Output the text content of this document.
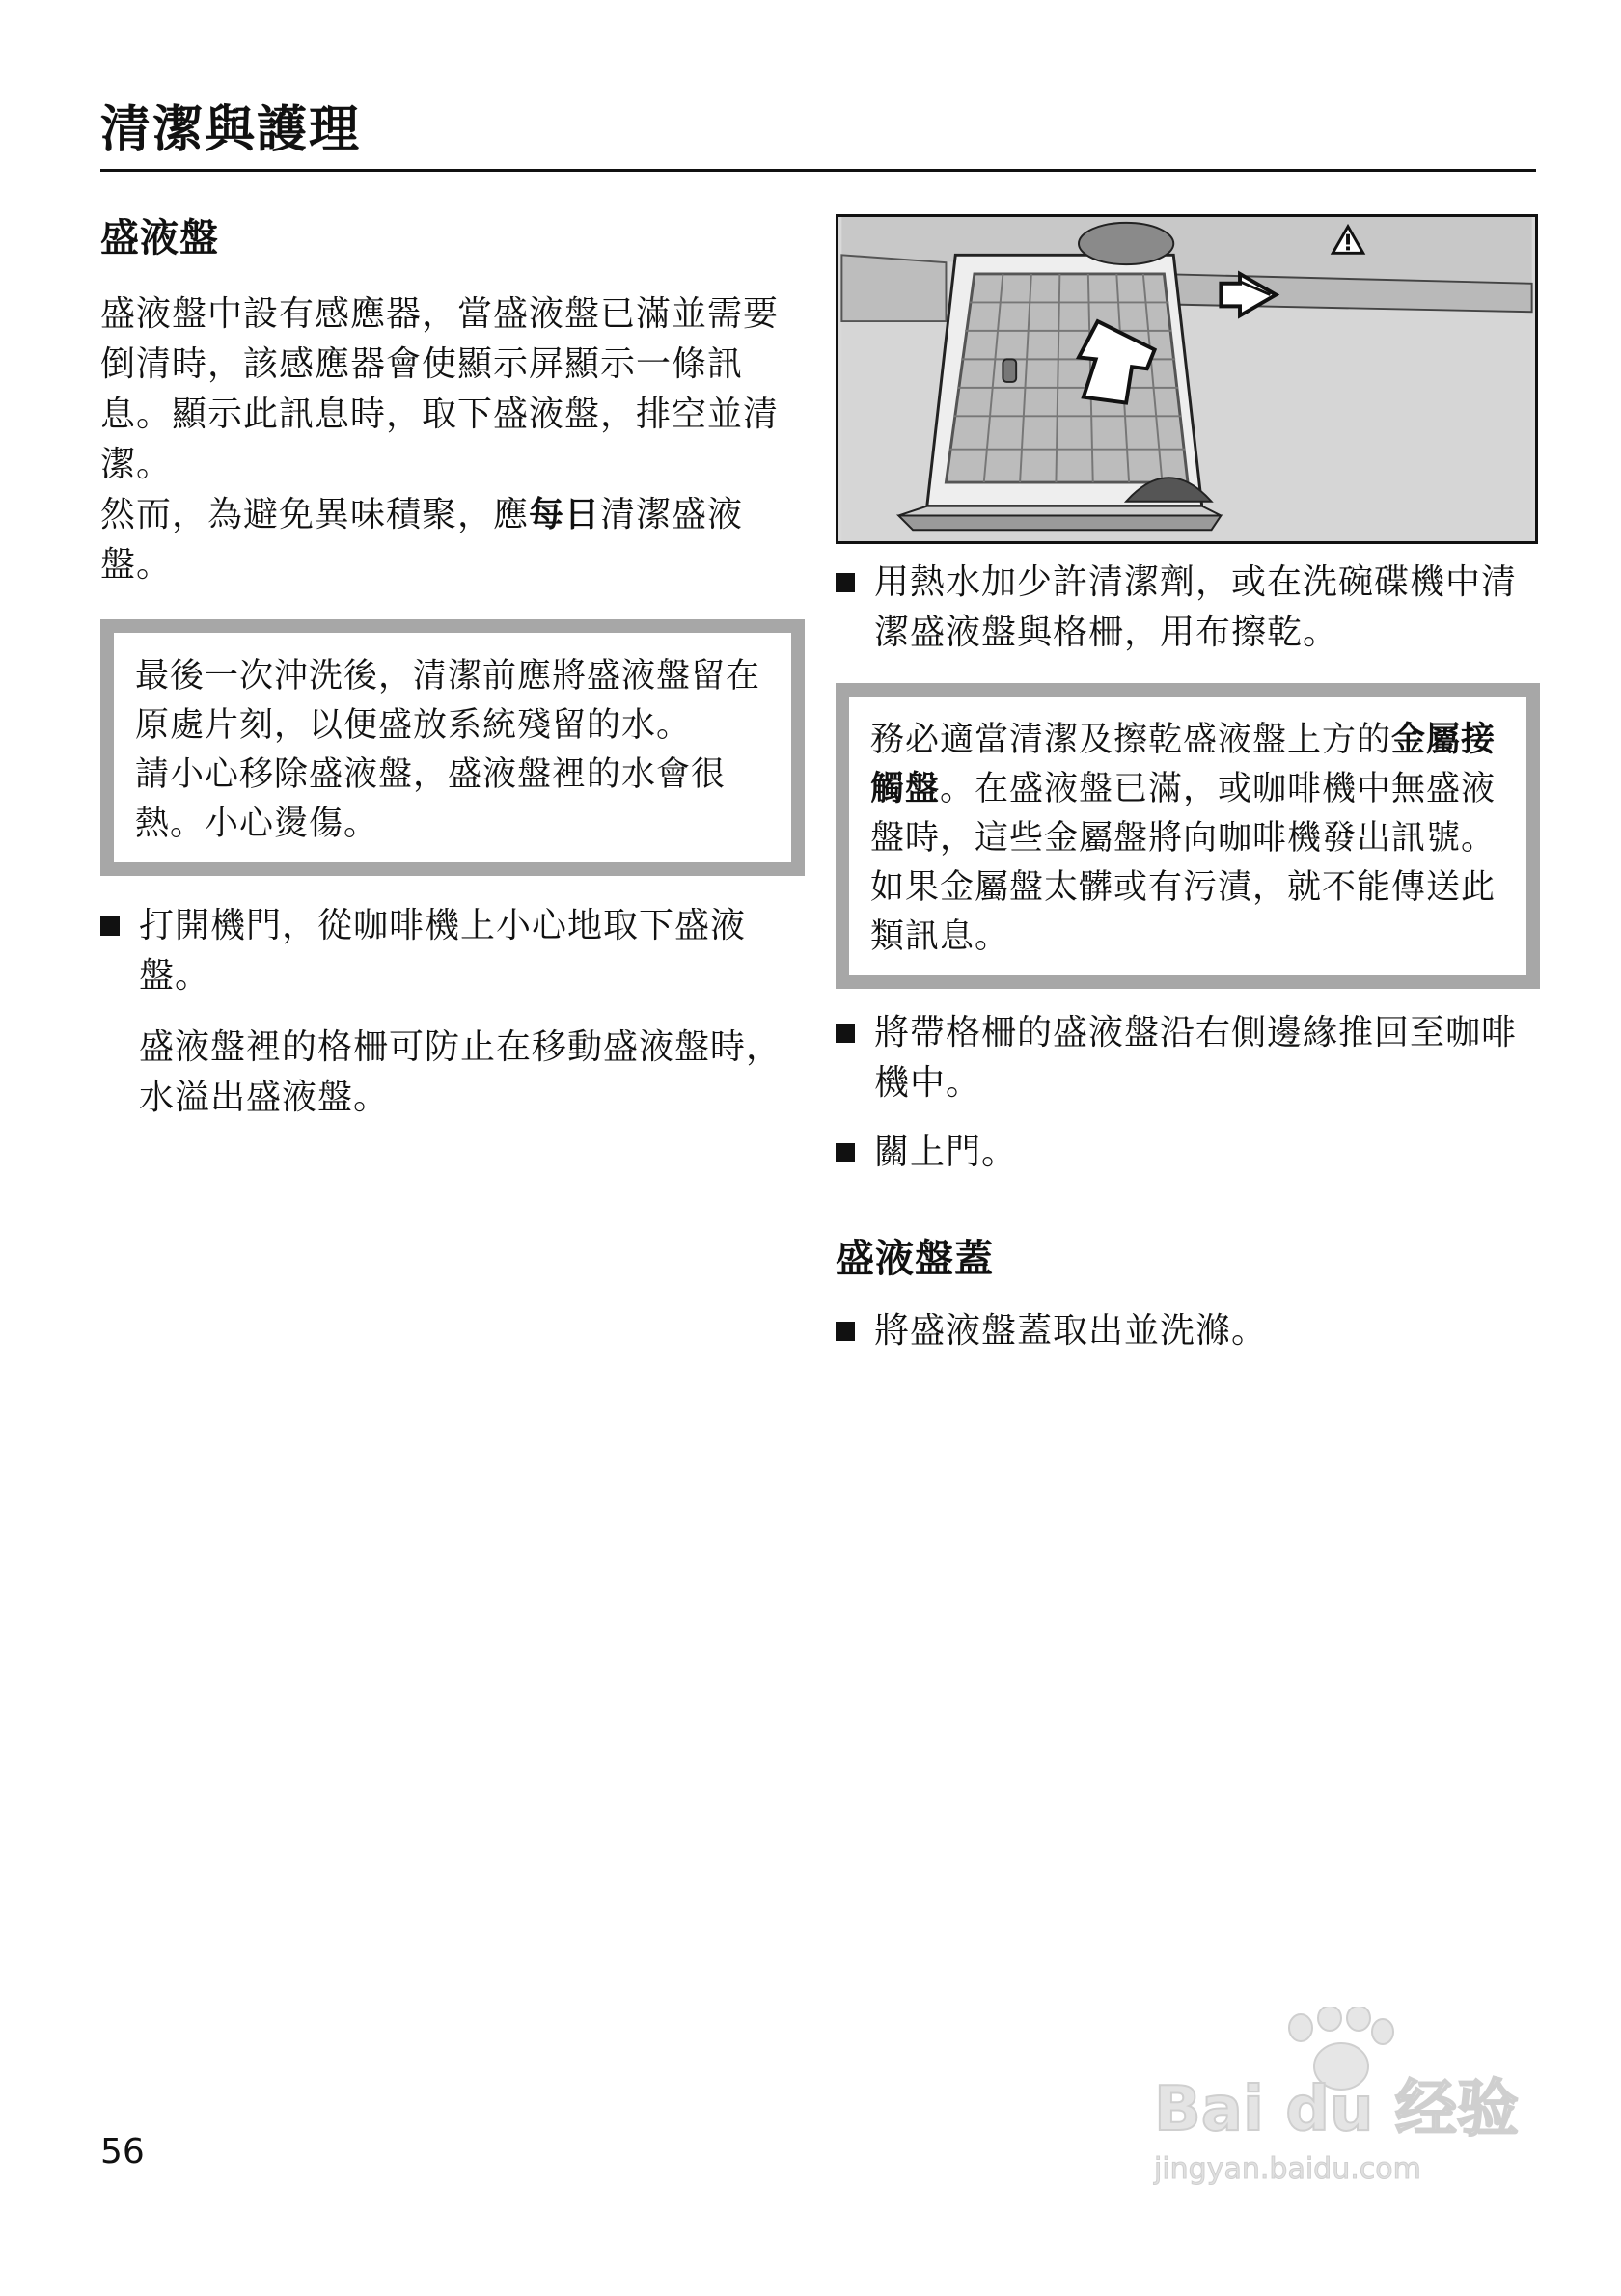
清潔與護理
盛液盤

盛液盤中設有感應器，當盛液盤已滿並需要倒清時，該感應器會使顯示屏顯示一條訊息。顯示此訊息時，取下盛液盤，排空並清潔。

然而，為避免異味積聚，應每日清潔盛液盤。

最後一次沖洗後，清潔前應將盛液盤留在原處片刻，以便盛放系統殘留的水。

請小心移除盛液盤，盛液盤裡的水會很熱。小心燙傷。

打開機門，從咖啡機上小心地取下盛液盤。

盛液盤裡的格柵可防止在移動盛液盤時，水溢出盛液盤。

用熱水加少許清潔劑，或在洗碗碟機中清潔盛液盤與格柵，用布擦乾。

務必適當清潔及擦乾盛液盤上方的金屬接觸盤。在盛液盤已滿，或咖啡機中無盛液盤時，這些金屬盤將向咖啡機發出訊號。如果金屬盤太髒或有污漬，就不能傳送此類訊息。

將帶格柵的盛液盤沿右側邊緣推回至咖啡機中。

關上門。

盛液盤蓋

將盛液盤蓋取出並洗滌。

56

Bai du 经验
jingyan.baidu.com
